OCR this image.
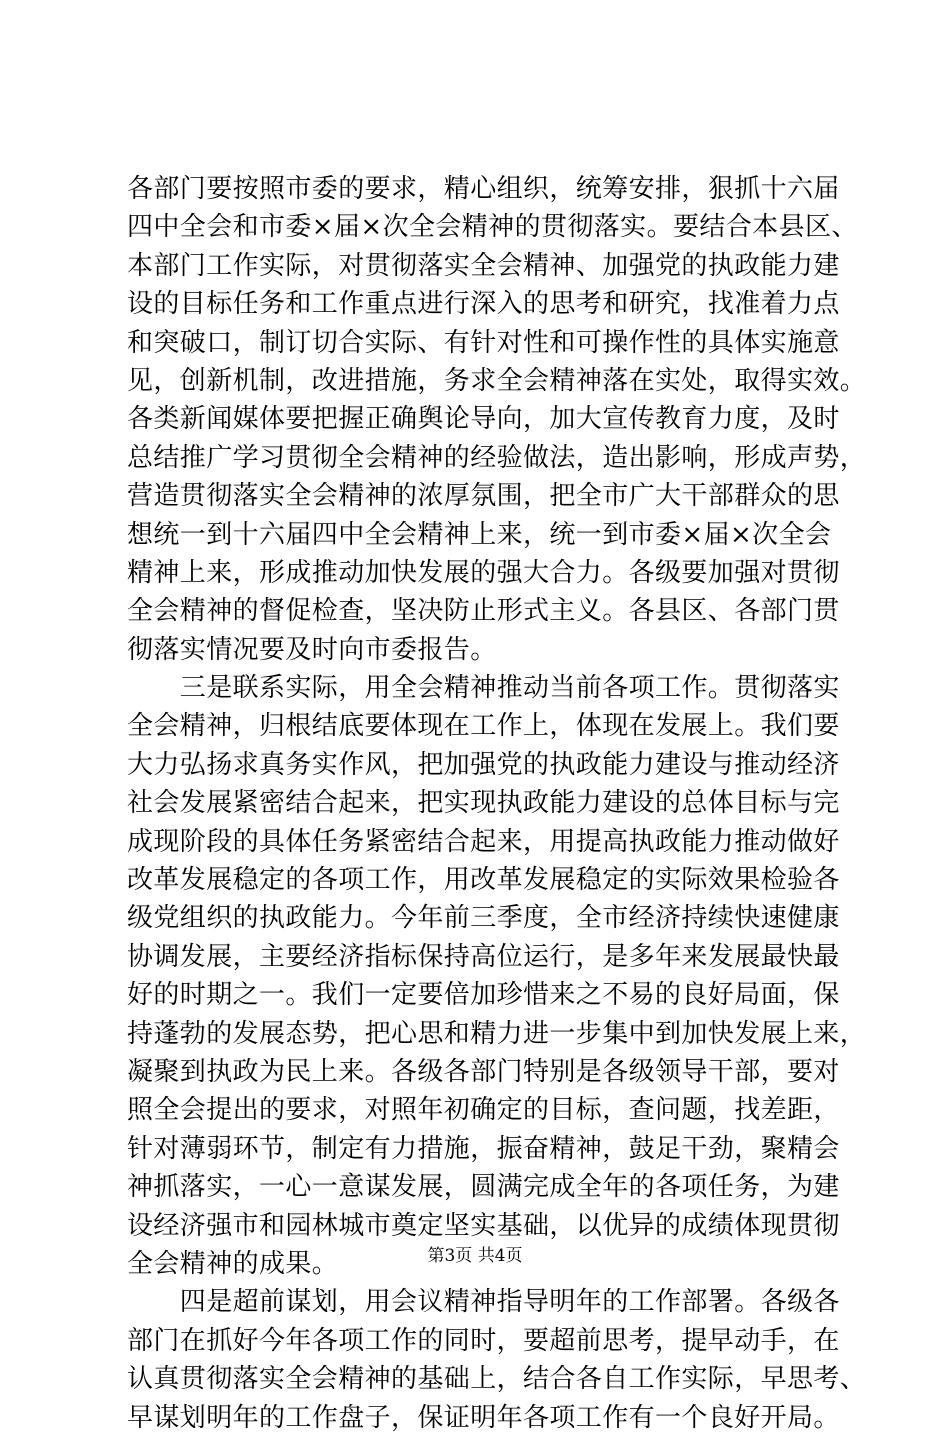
各部门要按照市委的要求，精心组织，统筹安排，狠抓十六届
四中全会和市委×届×次全会精神的贯彻落实。要结合本县区、
本部门工作实际，对贯彻落实全会精神、加强党的执政能力建
设的目标任务和工作重点进行深入的思考和研究，找准着力点
和突破口，制订切合实际、有针对性和可操作性的具体实施意
见，创新机制，改进措施，务求全会精神落在实处，取得实效。
各类新闻媒体要把握正确舆论导向，加大宣传教育力度，及时
总结推广学习贯彻全会精神的经验做法，造出影响，形成声势，
营造贯彻落实全会精神的浓厚氛围，把全市广大干部群众的思
想统一到十六届四中全会精神上来，统一到市委×届×次全会
精神上来，形成推动加快发展的强大合力。各级要加强对贯彻
全会精神的督促检查，坚决防止形式主义。各县区、各部门贯
彻落实情况要及时向市委报告。
　　三是联系实际，用全会精神推动当前各项工作。贯彻落实
全会精神，归根结底要体现在工作上，体现在发展上。我们要
大力弘扬求真务实作风，把加强党的执政能力建设与推动经济
社会发展紧密结合起来，把实现执政能力建设的总体目标与完
成现阶段的具体任务紧密结合起来，用提高执政能力推动做好
改革发展稳定的各项工作，用改革发展稳定的实际效果检验各
级党组织的执政能力。今年前三季度，全市经济持续快速健康
协调发展，主要经济指标保持高位运行，是多年来发展最快最
好的时期之一。我们一定要倍加珍惜来之不易的良好局面，保
持蓬勃的发展态势，把心思和精力进一步集中到加快发展上来，
凝聚到执政为民上来。各级各部门特别是各级领导干部，要对
照全会提出的要求，对照年初确定的目标，查问题，找差距，
针对薄弱环节，制定有力措施，振奋精神，鼓足干劲，聚精会
神抓落实，一心一意谋发展，圆满完成全年的各项任务，为建
设经济强市和园林城市奠定坚实基础，以优异的成绩体现贯彻
全会精神的成果。
　　四是超前谋划，用会议精神指导明年的工作部署。各级各
部门在抓好今年各项工作的同时，要超前思考，提早动手，在
认真贯彻落实全会精神的基础上，结合各自工作实际，早思考、
早谋划明年的工作盘子，保证明年各项工作有一个良好开局。
第3页 共4页
